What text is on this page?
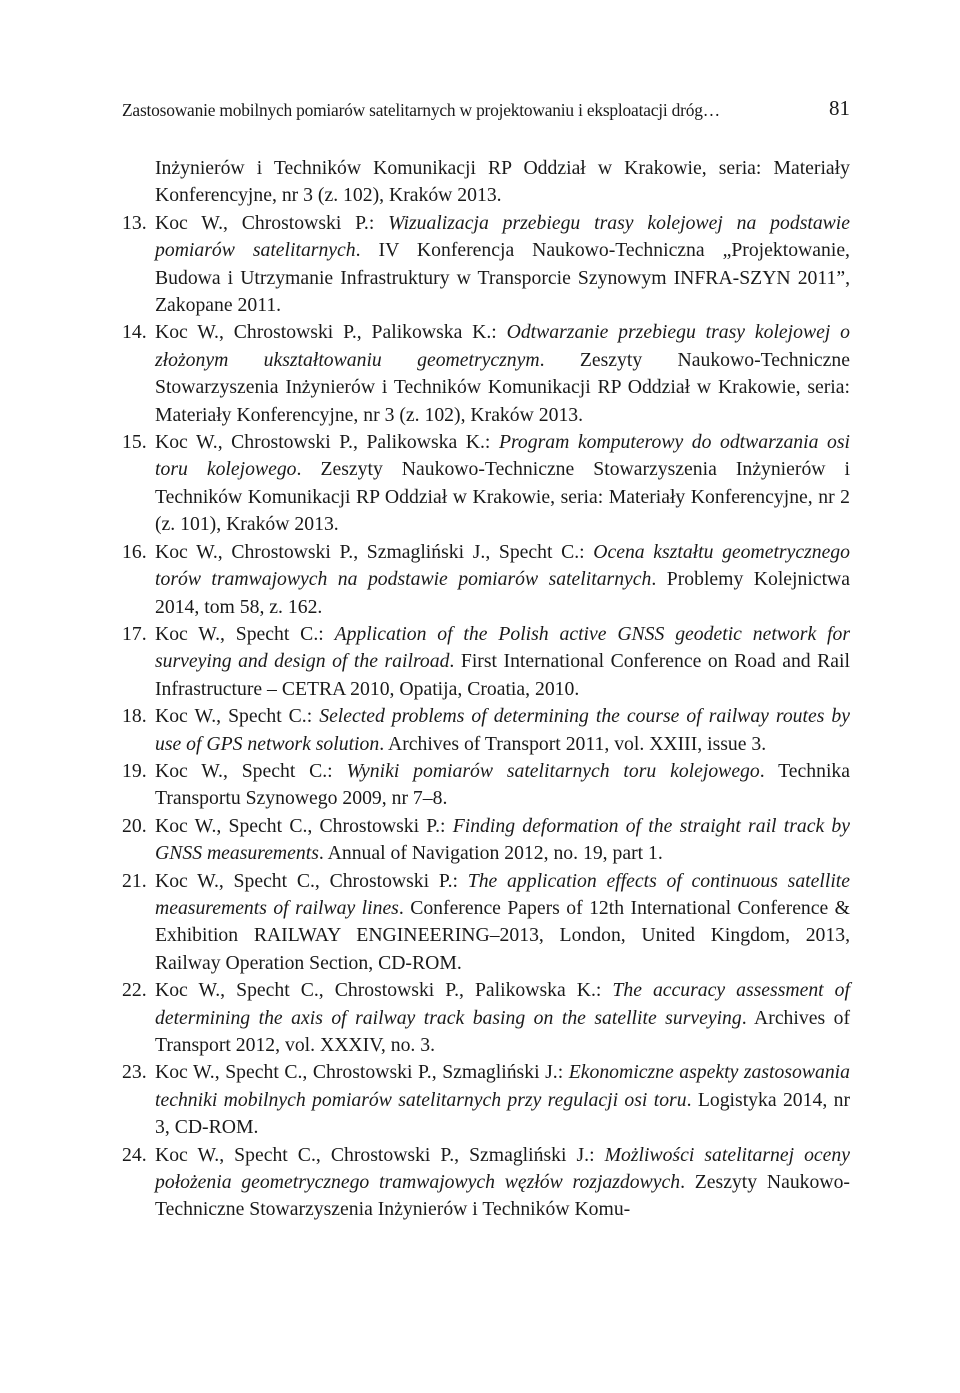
Zastosowanie mobilnych pomiarów satelitarnych w projektowaniu i eksploatacji dróg…	81
Inżynierów i Techników Komunikacji RP Oddział w Krakowie, seria: Materiały Konferencyjne, nr 3 (z. 102), Kraków 2013.
13. Koc W., Chrostowski P.: Wizualizacja przebiegu trasy kolejowej na podstawie pomiarów satelitarnych. IV Konferencja Naukowo-Techniczna „Projektowanie, Budowa i Utrzymanie Infrastruktury w Transporcie Szynowym INFRA-SZYN 2011”, Zakopane 2011.
14. Koc W., Chrostowski P., Palikowska K.: Odtwarzanie przebiegu trasy kolejowej o złożonym ukształtowaniu geometrycznym. Zeszyty Naukowo-Techniczne Stowarzyszenia Inżynierów i Techników Komunikacji RP Oddział w Krakowie, seria: Materiały Konferencyjne, nr 3 (z. 102), Kraków 2013.
15. Koc W., Chrostowski P., Palikowska K.: Program komputerowy do odtwarzania osi toru kolejowego. Zeszyty Naukowo-Techniczne Stowarzyszenia Inżynierów i Techników Komunikacji RP Oddział w Krakowie, seria: Materiały Konferencyjne, nr 2 (z. 101), Kraków 2013.
16. Koc W., Chrostowski P., Szmagliński J., Specht C.: Ocena kształtu geometrycznego torów tramwajowych na podstawie pomiarów satelitarnych. Problemy Kolejnictwa 2014, tom 58, z. 162.
17. Koc W., Specht C.: Application of the Polish active GNSS geodetic network for surveying and design of the railroad. First International Conference on Road and Rail Infrastructure – CETRA 2010, Opatija, Croatia, 2010.
18. Koc W., Specht C.: Selected problems of determining the course of railway routes by use of GPS network solution. Archives of Transport 2011, vol. XXIII, issue 3.
19. Koc W., Specht C.: Wyniki pomiarów satelitarnych toru kolejowego. Technika Transportu Szynowego 2009, nr 7–8.
20. Koc W., Specht C., Chrostowski P.: Finding deformation of the straight rail track by GNSS measurements. Annual of Navigation 2012, no. 19, part 1.
21. Koc W., Specht C., Chrostowski P.: The application effects of continuous satellite measurements of railway lines. Conference Papers of 12th International Conference & Exhibition RAILWAY ENGINEERING–2013, London, United Kingdom, 2013, Railway Operation Section, CD-ROM.
22. Koc W., Specht C., Chrostowski P., Palikowska K.: The accuracy assessment of determining the axis of railway track basing on the satellite surveying. Archives of Transport 2012, vol. XXXIV, no. 3.
23. Koc W., Specht C., Chrostowski P., Szmagliński J.: Ekonomiczne aspekty zastosowania techniki mobilnych pomiarów satelitarnych przy regulacji osi toru. Logistyka 2014, nr 3, CD-ROM.
24. Koc W., Specht C., Chrostowski P., Szmagliński J.: Możliwości satelitarnej oceny położenia geometrycznego tramwajowych węzłów rozjazdowych. Zeszyty Naukowo-Techniczne Stowarzyszenia Inżynierów i Techników Komu-
